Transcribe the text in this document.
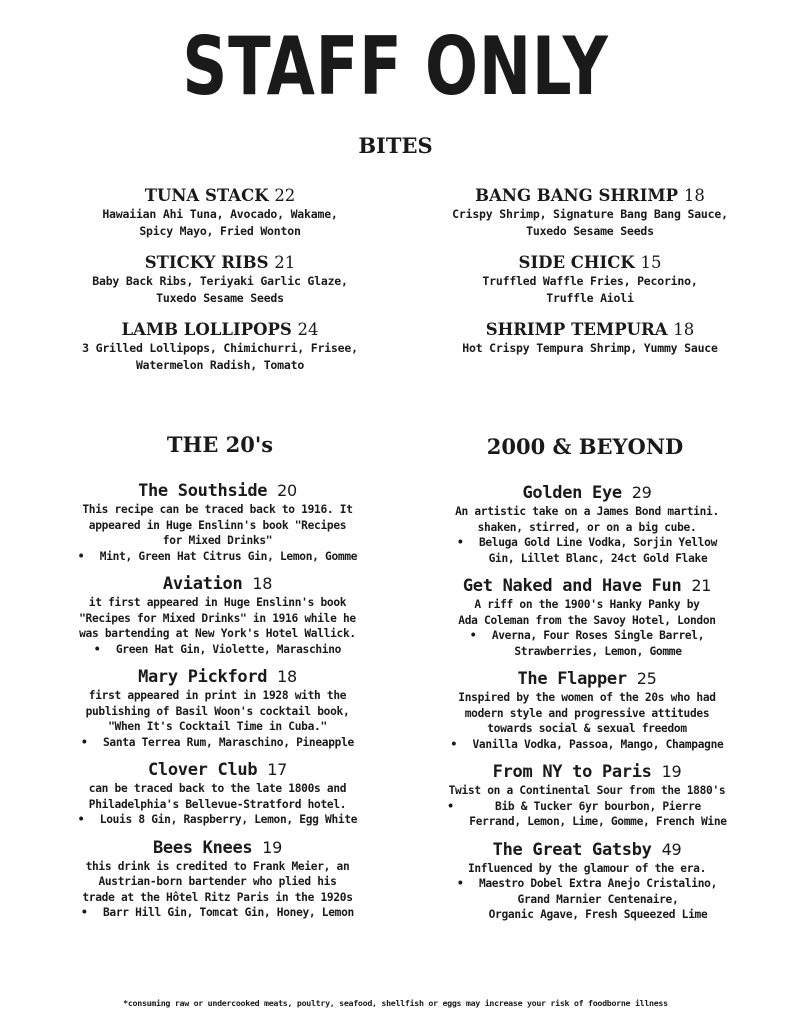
STAFF ONLY
BITES
TUNA STACK 22
Hawaiian Ahi Tuna, Avocado, Wakame,
Spicy Mayo, Fried Wonton
STICKY RIBS 21
Baby Back Ribs, Teriyaki Garlic Glaze,
Tuxedo Sesame Seeds
LAMB LOLLIPOPS 24
3 Grilled Lollipops, Chimichurri, Frisee,
Watermelon Radish, Tomato
BANG BANG SHRIMP 18
Crispy Shrimp, Signature Bang Bang Sauce,
Tuxedo Sesame Seeds
SIDE CHICK 15
Truffled Waffle Fries, Pecorino,
Truffle Aioli
SHRIMP TEMPURA 18
Hot Crispy Tempura Shrimp, Yummy Sauce
THE 20's	2000 & BEYOND
The Southside 20
This recipe can be traced back to 1916. It
appeared in Huge Enslinn's book "Recipes
for Mixed Drinks"
•	Mint, Green Hat Citrus Gin, Lemon, Gomme
Aviation 18
it first appeared in Huge Enslinn's book
"Recipes for Mixed Drinks" in 1916 while he
was bartending at New York's Hotel Wallick.
•	Green Hat Gin, Violette, Maraschino
Mary Pickford 18
first appeared in print in 1928 with the
publishing of Basil Woon's cocktail book,
"When It's Cocktail Time in Cuba."
•	Santa Terrea Rum, Maraschino, Pineapple
Clover Club 17
can be traced back to the late 1800s and
Philadelphia's Bellevue-Stratford hotel.
•	Louis 8 Gin, Raspberry, Lemon, Egg White
Bees Knees 19
this drink is credited to Frank Meier, an
Austrian-born bartender who plied his
trade at the Hôtel Ritz Paris in the 1920s
•	Barr Hill Gin, Tomcat Gin, Honey, Lemon
Golden Eye 29
An artistic take on a James Bond martini.
shaken, stirred, or on a big cube.
•	Beluga Gold Line Vodka, Sorjin Yellow
Gin, Lillet Blanc, 24ct Gold Flake
Get Naked and Have Fun 21
A riff on the 1900's Hanky Panky by
Ada Coleman from the Savoy Hotel, London
•	Averna, Four Roses Single Barrel,
Strawberries, Lemon, Gomme
The Flapper 25
Inspired by the women of the 20s who had
modern style and progressive attitudes
towards social & sexual freedom
•	Vanilla Vodka, Passoa, Mango, Champagne
From NY to Paris 19
Twist on a Continental Sour from the 1880's
•	Bib & Tucker 6yr bourbon, Pierre
Ferrand, Lemon, Lime, Gomme, French Wine
The Great Gatsby 49
Influenced by the glamour of the era.
•	Maestro Dobel Extra Anejo Cristalino,
Grand Marnier Centenaire,
Organic Agave, Fresh Squeezed Lime
*consuming raw or undercooked meats, poultry, seafood, shellfish or eggs may increase your risk of foodborne illness
